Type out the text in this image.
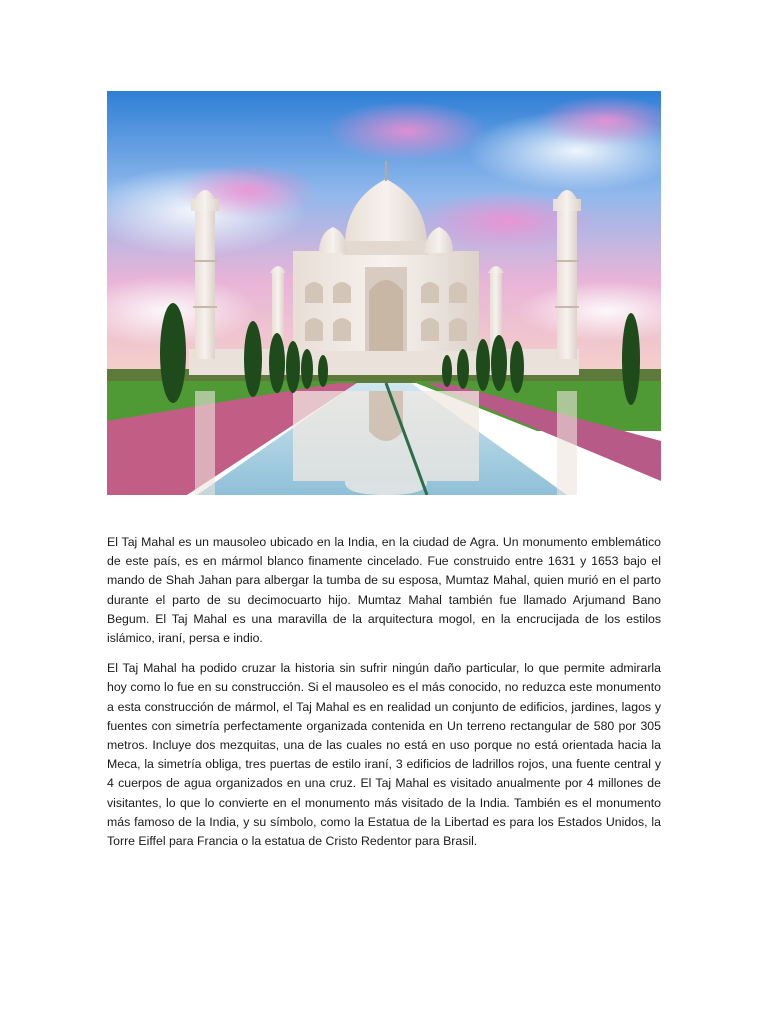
El Taj Mahal es un mausoleo ubicado en la India, en la ciudad de Agra. Un monumento emblemático de este país, es en mármol blanco finamente cincelado. Fue construido entre 1631 y 1653 bajo el mando de Shah Jahan para albergar la tumba de su esposa, Mumtaz Mahal, quien murió en el parto durante el parto de su decimocuarto hijo. Mumtaz Mahal también fue llamado Arjumand Bano Begum. El Taj Mahal es una maravilla de la arquitectura mogol, en la encrucijada de los estilos islámico, iraní, persa e indio.

El Taj Mahal ha podido cruzar la historia sin sufrir ningún daño particular, lo que permite admirarla hoy como lo fue en su construcción. Si el mausoleo es el más conocido, no reduzca este monumento a esta construcción de mármol, el Taj Mahal es en realidad un conjunto de edificios, jardines, lagos y fuentes con simetría perfectamente organizada contenida en Un terreno rectangular de 580 por 305 metros. Incluye dos mezquitas, una de las cuales no está en uso porque no está orientada hacia la Meca, la simetría obliga, tres puertas de estilo iraní, 3 edificios de ladrillos rojos, una fuente central y 4 cuerpos de agua organizados en una cruz. El Taj Mahal es visitado anualmente por 4 millones de visitantes, lo que lo convierte en el monumento más visitado de la India. También es el monumento más famoso de la India, y su símbolo, como la Estatua de la Libertad es para los Estados Unidos, la Torre Eiffel para Francia o la estatua de Cristo Redentor para Brasil.
